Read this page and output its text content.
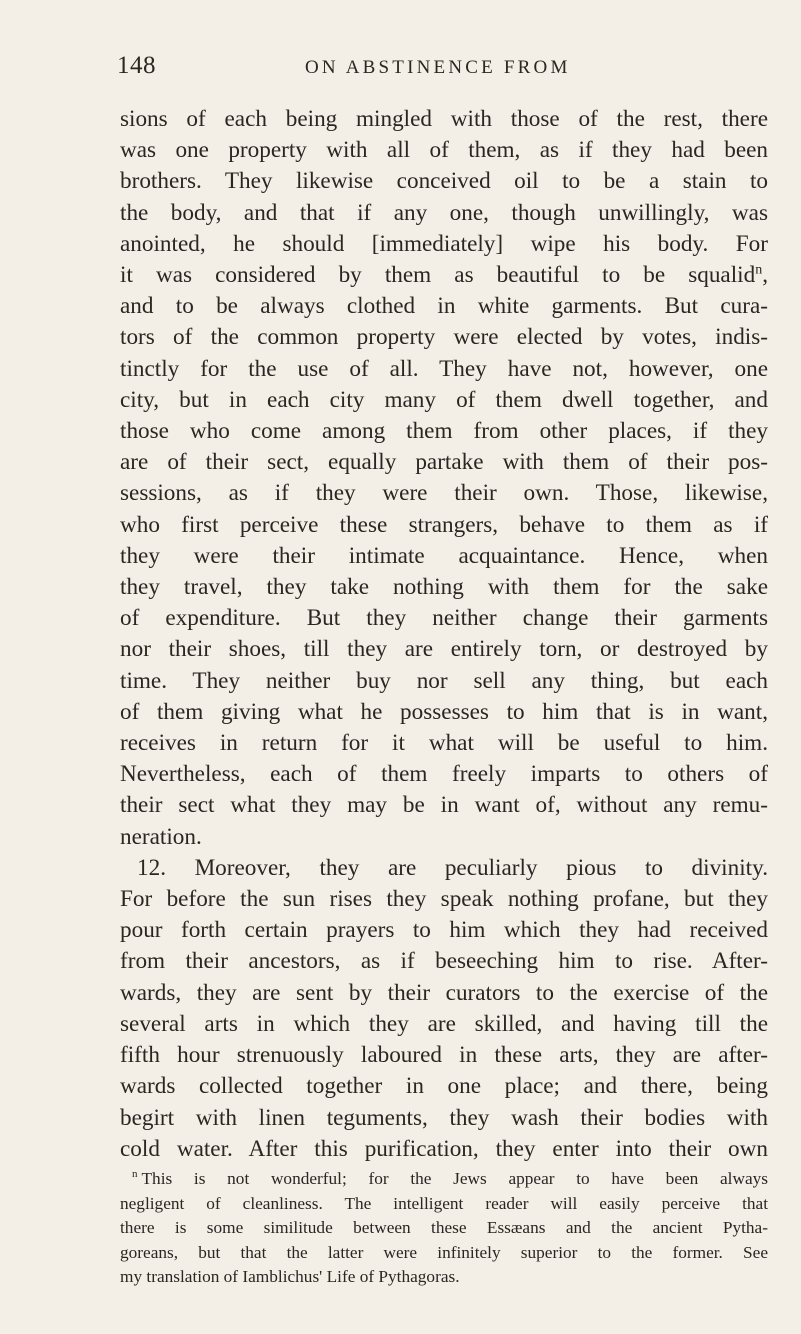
148	ON ABSTINENCE FROM
sions of each being mingled with those of the rest, there
was one property with all of them, as if they had been
brothers. They likewise conceived oil to be a stain to
the body, and that if any one, though unwillingly, was
anointed, he should [immediately] wipe his body. For
it was considered by them as beautiful to be squalid$^n$,
and to be always clothed in white garments. But cura-
tors of the common property were elected by votes, indis-
tinctly for the use of all. They have not, however, one
city, but in each city many of them dwell together, and
those who come among them from other places, if they
are of their sect, equally partake with them of their pos-
sessions, as if they were their own. Those, likewise,
who first perceive these strangers, behave to them as if
they were their intimate acquaintance. Hence, when
they travel, they take nothing with them for the sake
of expenditure. But they neither change their garments
nor their shoes, till they are entirely torn, or destroyed by
time. They neither buy nor sell any thing, but each
of them giving what he possesses to him that is in want,
receives in return for it what will be useful to him.
Nevertheless, each of them freely imparts to others of
their sect what they may be in want of, without any remu-
neration.
12. Moreover, they are peculiarly pious to divinity.
For before the sun rises they speak nothing profane, but they
pour forth certain prayers to him which they had received
from their ancestors, as if beseeching him to rise. After-
wards, they are sent by their curators to the exercise of the
several arts in which they are skilled, and having till the
fifth hour strenuously laboured in these arts, they are after-
wards collected together in one place; and there, being
begirt with linen teguments, they wash their bodies with
cold water. After this purification, they enter into their own
$^n$ This is not wonderful; for the Jews appear to have been always
negligent of cleanliness. The intelligent reader will easily perceive that
there is some similitude between these Essæans and the ancient Pytha-
goreans, but that the latter were infinitely superior to the former. See
my translation of Iamblichus' Life of Pythagoras.
